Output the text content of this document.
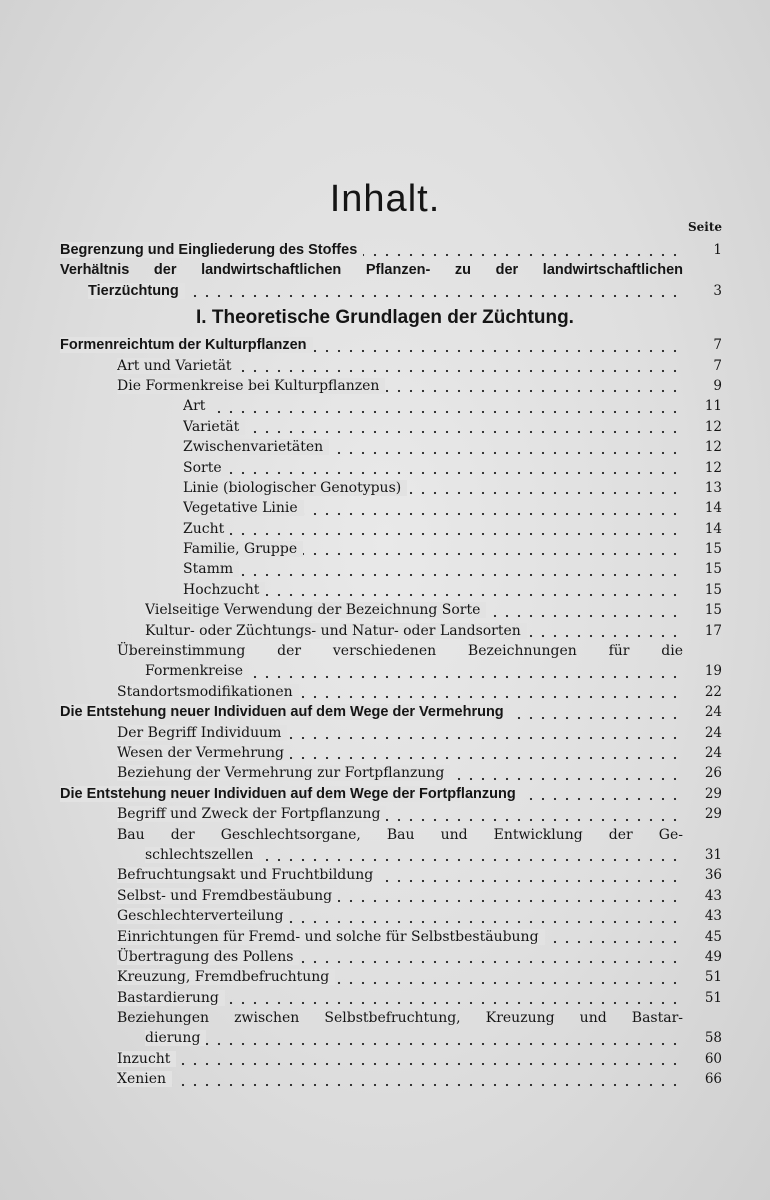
Inhalt.
Seite
Begrenzung und Eingliederung des Stoffes	1
Verhältnis der landwirtschaftlichen Pflanzen- zu der landwirtschaftlichen
Tierzüchtung	3
I. Theoretische Grundlagen der Züchtung.
Formenreichtum der Kulturpflanzen	7
Art und Varietät	7
Die Formenkreise bei Kulturpflanzen	9
Art	11
Varietät	12
Zwischenvarietäten	12
Sorte	12
Linie (biologischer Genotypus)	13
Vegetative Linie	14
Zucht	14
Familie, Gruppe	15
Stamm	15
Hochzucht	15
Vielseitige Verwendung der Bezeichnung Sorte	15
Kultur- oder Züchtungs- und Natur- oder Landsorten	17
Übereinstimmung der verschiedenen Bezeichnungen für die
Formenkreise	19
Standortsmodifikationen	22
Die Entstehung neuer Individuen auf dem Wege der Vermehrung	24
Der Begriff Individuum	24
Wesen der Vermehrung	24
Beziehung der Vermehrung zur Fortpflanzung	26
Die Entstehung neuer Individuen auf dem Wege der Fortpflanzung	29
Begriff und Zweck der Fortpflanzung	29
Bau der Geschlechtsorgane, Bau und Entwicklung der Ge-
schlechtszellen	31
Befruchtungsakt und Fruchtbildung	36
Selbst- und Fremdbestäubung	43
Geschlechterverteilung	43
Einrichtungen für Fremd- und solche für Selbstbestäubung	45
Übertragung des Pollens	49
Kreuzung, Fremdbefruchtung	51
Bastardierung	51
Beziehungen zwischen Selbstbefruchtung, Kreuzung und Bastar-
dierung	58
Inzucht	60
Xenien	66
